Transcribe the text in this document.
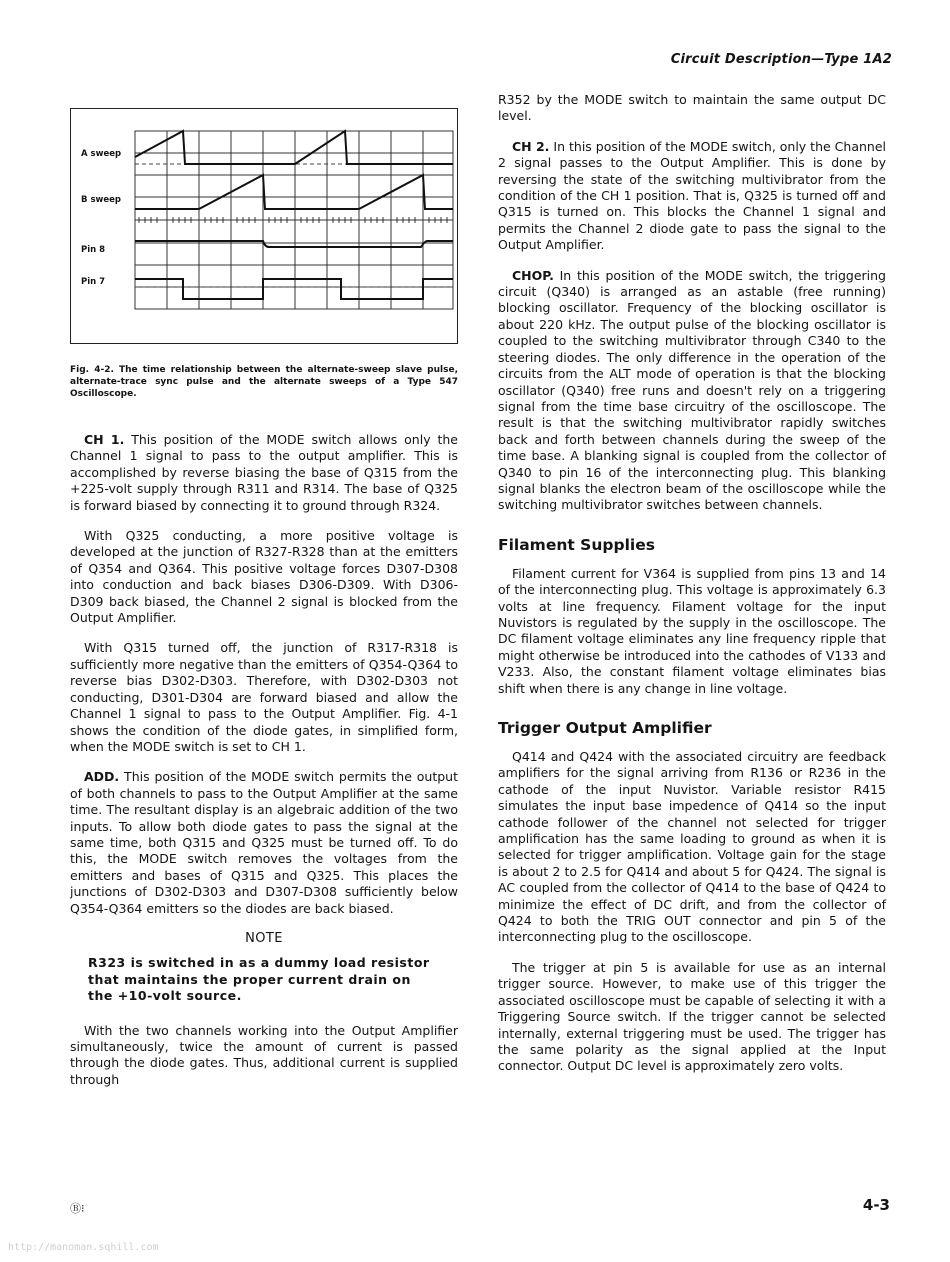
Circuit Description—Type 1A2
A sweep
B sweep
Pin 8
Pin 7
Fig. 4-2. The time relationship between the alternate-sweep slave pulse, alternate-trace sync pulse and the alternate sweeps of a Type 547 Oscilloscope.

CH 1. This position of the MODE switch allows only the Channel 1 signal to pass to the output amplifier. This is accomplished by reverse biasing the base of Q315 from the +225-volt supply through R311 and R314. The base of Q325 is forward biased by connecting it to ground through R324.

With Q325 conducting, a more positive voltage is developed at the junction of R327-R328 than at the emitters of Q354 and Q364. This positive voltage forces D307-D308 into conduction and back biases D306-D309. With D306-D309 back biased, the Channel 2 signal is blocked from the Output Amplifier.

With Q315 turned off, the junction of R317-R318 is sufficiently more negative than the emitters of Q354-Q364 to reverse bias D302-D303. Therefore, with D302-D303 not conducting, D301-D304 are forward biased and allow the Channel 1 signal to pass to the Output Amplifier. Fig. 4-1 shows the condition of the diode gates, in simplified form, when the MODE switch is set to CH 1.

ADD. This position of the MODE switch permits the output of both channels to pass to the Output Amplifier at the same time. The resultant display is an algebraic addition of the two inputs. To allow both diode gates to pass the signal at the same time, both Q315 and Q325 must be turned off. To do this, the MODE switch removes the voltages from the emitters and bases of Q315 and Q325. This places the junctions of D302-D303 and D307-D308 sufficiently below Q354-Q364 emitters so the diodes are back biased.

NOTE
R323 is switched in as a dummy load resistor that maintains the proper current drain on the +10-volt source.

With the two channels working into the Output Amplifier simultaneously, twice the amount of current is passed through the diode gates. Thus, additional current is supplied through

R352 by the MODE switch to maintain the same output DC level.

CH 2. In this position of the MODE switch, only the Channel 2 signal passes to the Output Amplifier. This is done by reversing the state of the switching multivibrator from the condition of the CH 1 position. That is, Q325 is turned off and Q315 is turned on. This blocks the Channel 1 signal and permits the Channel 2 diode gate to pass the signal to the Output Amplifier.

CHOP. In this position of the MODE switch, the triggering circuit (Q340) is arranged as an astable (free running) blocking oscillator. Frequency of the blocking oscillator is about 220 kHz. The output pulse of the blocking oscillator is coupled to the switching multivibrator through C340 to the steering diodes. The only difference in the operation of the circuits from the ALT mode of operation is that the blocking oscillator (Q340) free runs and doesn't rely on a triggering signal from the time base circuitry of the oscilloscope. The result is that the switching multivibrator rapidly switches back and forth between channels during the sweep of the time base. A blanking signal is coupled from the collector of Q340 to pin 16 of the interconnecting plug. This blanking signal blanks the electron beam of the oscilloscope while the switching multivibrator switches between channels.

Filament Supplies

Filament current for V364 is supplied from pins 13 and 14 of the interconnecting plug. This voltage is approximately 6.3 volts at line frequency. Filament voltage for the input Nuvistors is regulated by the supply in the oscilloscope. The DC filament voltage eliminates any line frequency ripple that might otherwise be introduced into the cathodes of V133 and V233. Also, the constant filament voltage eliminates bias shift when there is any change in line voltage.

Trigger Output Amplifier

Q414 and Q424 with the associated circuitry are feedback amplifiers for the signal arriving from R136 or R236 in the cathode of the input Nuvistor. Variable resistor R415 simulates the input base impedence of Q414 so the input cathode follower of the channel not selected for trigger amplification has the same loading to ground as when it is selected for trigger amplification. Voltage gain for the stage is about 2 to 2.5 for Q414 and about 5 for Q424. The signal is AC coupled from the collector of Q414 to the base of Q424 to minimize the effect of DC drift, and from the collector of Q424 to both the TRIG OUT connector and pin 5 of the interconnecting plug to the oscilloscope.

The trigger at pin 5 is available for use as an internal trigger source. However, to make use of this trigger the associated oscilloscope must be capable of selecting it with a Triggering Source switch. If the trigger cannot be selected internally, external triggering must be used. The trigger has the same polarity as the signal applied at the Input connector. Output DC level is approximately zero volts.

Ⓑ⁝	4-3
http://manoman.sqhill.com
